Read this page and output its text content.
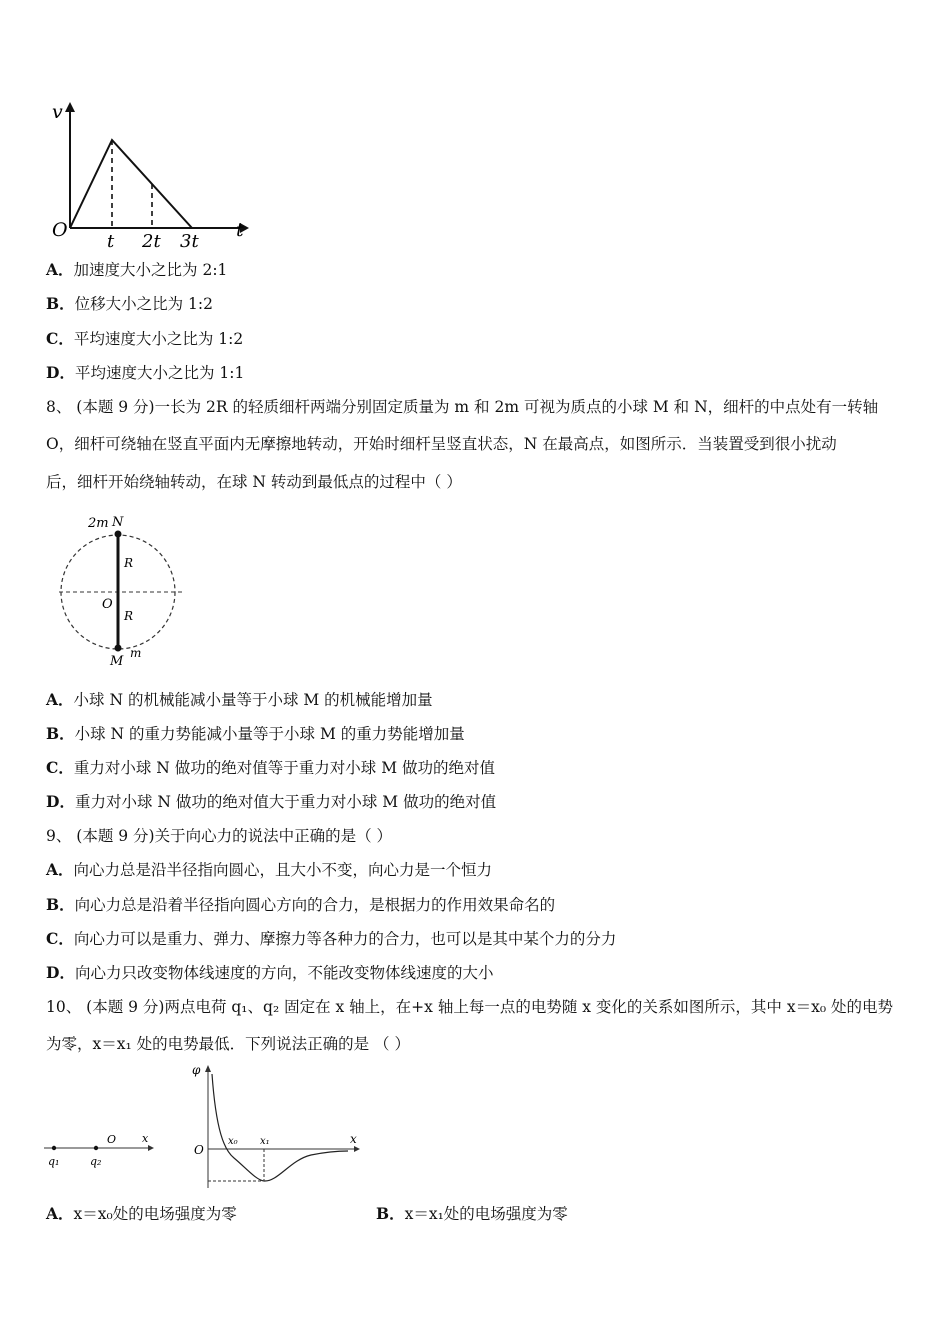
v
t
O
t 2t 3t
A．加速度大小之比为 2:1
B．位移大小之比为 1:2
C．平均速度大小之比为 1:2
D．平均速度大小之比为 1:1
8、 (本题 9 分)一长为 2R 的轻质细杆两端分别固定质量为 m 和 2m 可视为质点的小球 M 和 N，细杆的中点处有一转轴
O，细杆可绕轴在竖直平面内无摩擦地转动，开始时细杆呈竖直状态，N 在最高点，如图所示．当装置受到很小扰动
后，细杆开始绕轴转动，在球 N 转动到最低点的过程中（ ）
2m N
R
O
R
M
m
A．小球 N 的机械能减小量等于小球 M 的机械能增加量
B．小球 N 的重力势能减小量等于小球 M 的重力势能增加量
C．重力对小球 N 做功的绝对值等于重力对小球 M 做功的绝对值
D．重力对小球 N 做功的绝对值大于重力对小球 M 做功的绝对值
9、 (本题 9 分)关于向心力的说法中正确的是（ ）
A．向心力总是沿半径指向圆心，且大小不变，向心力是一个恒力
B．向心力总是沿着半径指向圆心方向的合力，是根据力的作用效果命名的
C．向心力可以是重力、弹力、摩擦力等各种力的合力，也可以是其中某个力的分力
D．向心力只改变物体线速度的方向，不能改变物体线速度的大小
10、 (本题 9 分)两点电荷 q₁、q₂ 固定在 x 轴上，在+x 轴上每一点的电势随 x 变化的关系如图所示，其中 x＝x₀ 处的电势
为零，x＝x₁ 处的电势最低．下列说法正确的是 （ ）
q₁	q₂
O x
φ
O
x₀ x₁	x
A．x＝x₀处的电场强度为零	B．x＝x₁处的电场强度为零
